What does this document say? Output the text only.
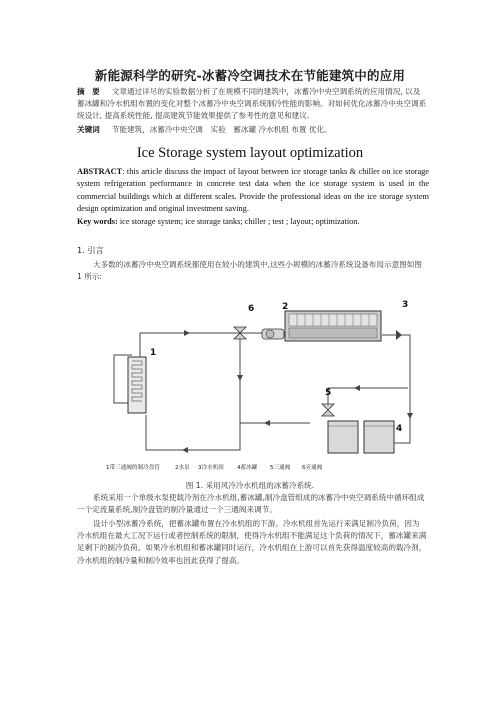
新能源科学的研究-冰蓄冷空调技术在节能建筑中的应用
摘　要 文章通过详尽的实验数据分析了在规模不同的建筑中，冰蓄冷中央空调系统的应用情况, 以及蓄冰罐和冷水机组布置的变化对整个冰蓄冷中央空调系统制冷性能的影响。对如何优化冰蓄冷中央空调系统设计, 提高系统性能, 提高建筑节能效果提供了参考性的意见和建议.
关键词 节能建筑，冰蓄冷中央空调　实验　蓄冰罐 冷水机组 布置 优化。
Ice Storage system layout optimization
ABSTRACT: this article discuss the impact of layout between ice storage tanks & chiller on ice storage system refrigeration performance in concrete test data when the ice storage system is used in the commercial buildings which at different scales. Provide the professional ideas on the ice storage system design optimization and original investment saving.
Key words: ice storage system; ice storage tanks; chiller ; test ; layout; optimization.
1. 引言
大多数的冰蓄冷中央空调系统都使用在较小的建筑中,这些小规模的冰蓄冷系统设备布局示意图如图 1 所示:
1
2	3
4
5
6
1带三通阀的制冷盘管	2水泵 3冷水机组 4蓄冰罐 5三通阀 6旁通阀
图 1. 采用风冷冷水机组的冰蓄冷系统.
系统采用一个单级水泵使载冷剂在冷水机组,蓄冰罐,制冷盘管组成的冰蓄冷中央空调系统中循环组成一个定流量系统,制冷盘管的制冷量通过一个三通阀来调节。
设计小型冰蓄冷系统，把蓄冰罐布置在冷水机组的下游。冷水机组首先运行来满足制冷负荷，因为冷水机组在最大工况下运行或者控制系统的限制，使得冷水机组不能满足这个负荷的情况下，蓄冰罐来满足剩下的制冷负荷。如果冷水机组和蓄冰罐同时运行，冷水机组在上游可以首先获得温度较高的载冷剂，冷水机组的制冷量和制冷效率也因此获得了提高。
